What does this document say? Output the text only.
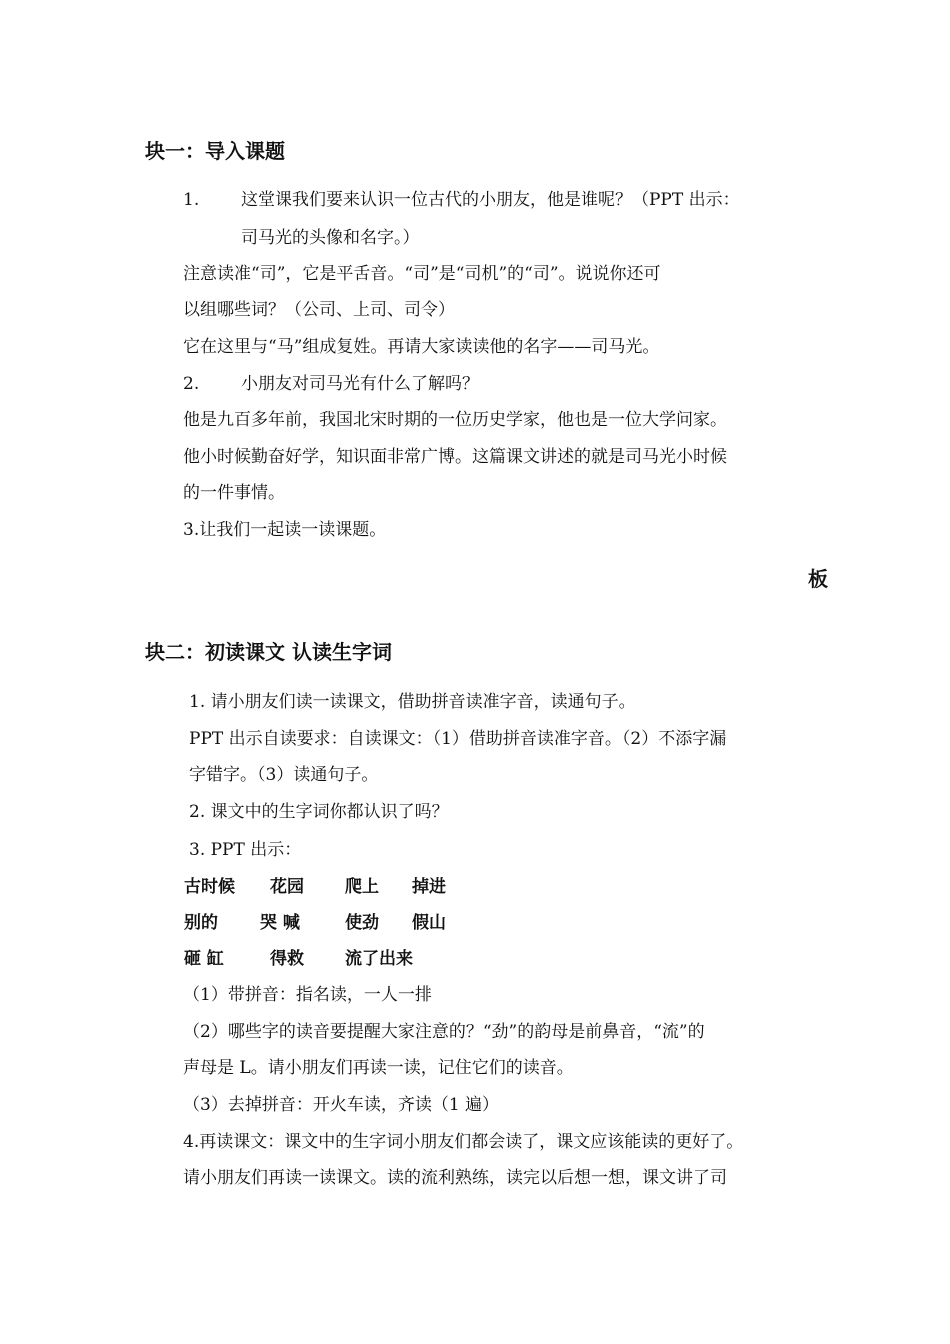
块一：导入课题
1. 这堂课我们要来认识一位古代的小朋友，他是谁呢？（PPT 出示：
司马光的头像和名字。）
注意读准“司”，它是平舌音。“司”是“司机”的“司”。说说你还可
以组哪些词？（公司、上司、司令）
它在这里与“马”组成复姓。再请大家读读他的名字——司马光。
2. 小朋友对司马光有什么了解吗？
他是九百多年前，我国北宋时期的一位历史学家，他也是一位大学问家。
他小时候勤奋好学，知识面非常广博。这篇课文讲述的就是司马光小时候
的一件事情。
3.让我们一起读一读课题。
板
块二：初读课文 认读生字词
1. 请小朋友们读一读课文，借助拼音读准字音，读通句子。
PPT 出示自读要求：自读课文：（1）借助拼音读准字音。（2）不添字漏
字错字。（3）读通句子。
2. 课文中的生字词你都认识了吗？
3. PPT 出示：
古时候 花园 爬上 掉进
别的 哭 喊	使劲 假山
砸 缸	得救 流了出来
（1）带拼音：指名读，一人一排
（2）哪些字的读音要提醒大家注意的？“劲”的韵母是前鼻音，“流”的
声母是 L。请小朋友们再读一读，记住它们的读音。
（3）去掉拼音：开火车读，齐读（1 遍）
4.再读课文：课文中的生字词小朋友们都会读了，课文应该能读的更好了。
请小朋友们再读一读课文。读的流利熟练，读完以后想一想，课文讲了司
